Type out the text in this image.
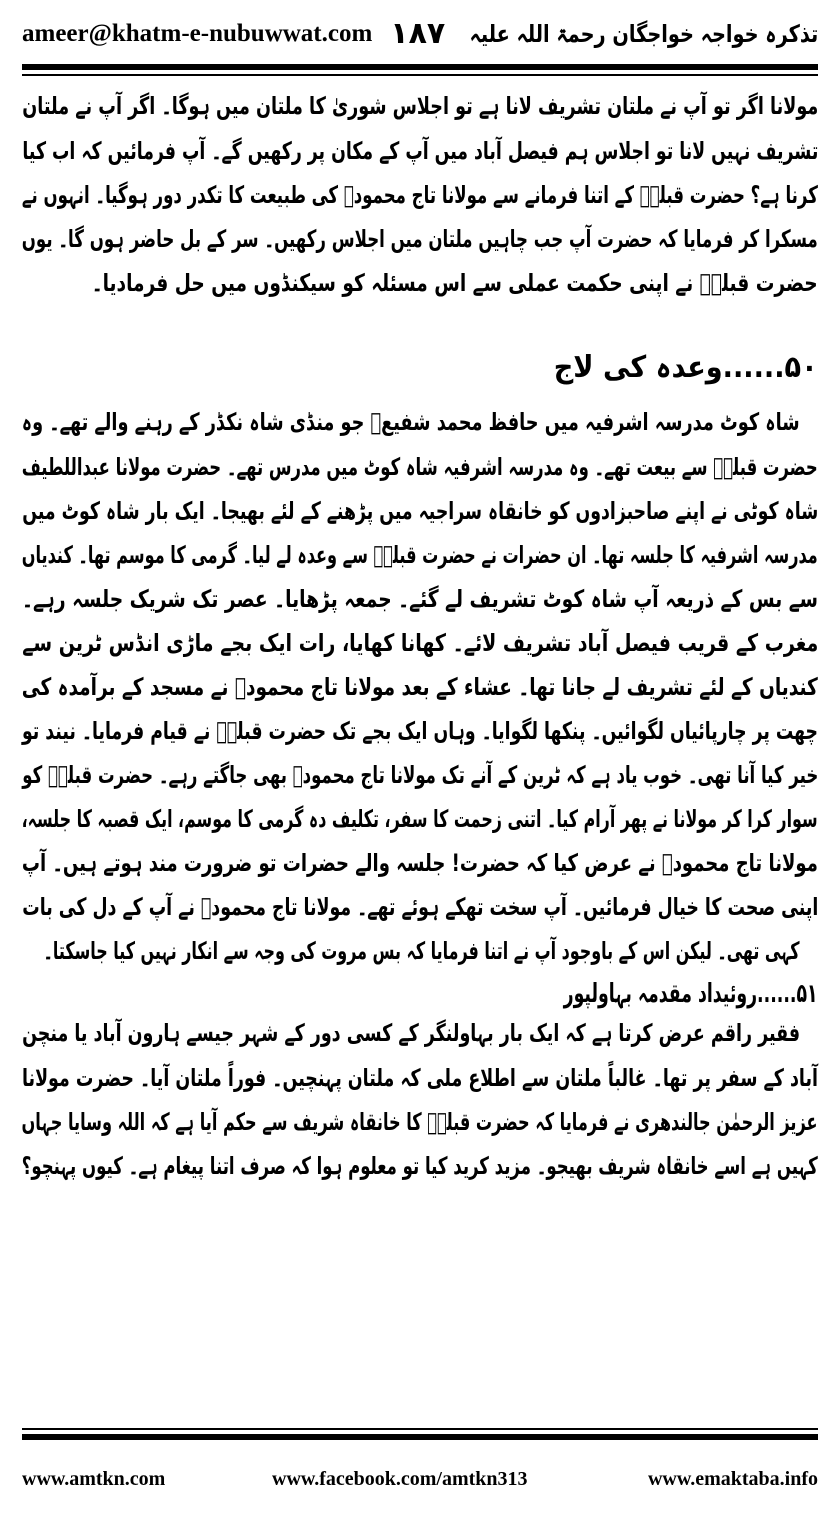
ameer@khatm-e-nubuwwat.com ۱۸۷ تذکرہ خواجہ خواجگان رحمۃ اللہ علیہ
مولانا اگر تو آپ نے ملتان تشریف لانا ہے تو اجلاس شوریٰ کا ملتان میں ہوگا۔ اگر آپ نے ملتان
تشریف نہیں لانا تو اجلاس ہم فیصل آباد میں آپ کے مکان پر رکھیں گے۔ آپ فرمائیں کہ اب کیا
کرنا ہے؟ حضرت قبلہؒ کے اتنا فرمانے سے مولانا تاج محمودؒ کی طبیعت کا تکدر دور ہوگیا۔ انہوں نے
مسکرا کر فرمایا کہ حضرت آپ جب چاہیں ملتان میں اجلاس رکھیں۔ سر کے بل حاضر ہوں گا۔ یوں
حضرت قبلہؒ نے اپنی حکمت عملی سے اس مسئلہ کو سیکنڈوں میں حل فرمادیا۔
۵۰......وعدہ کی لاج
شاہ کوٹ مدرسہ اشرفیہ میں حافظ محمد شفیعؒ جو منڈی شاہ نکڈر کے رہنے والے تھے۔ وہ
حضرت قبلہؒ سے بیعت تھے۔ وہ مدرسہ اشرفیہ شاہ کوٹ میں مدرس تھے۔ حضرت مولانا عبداللطیف
شاہ کوٹی نے اپنے صاحبزادوں کو خانقاہ سراجیہ میں پڑھنے کے لئے بھیجا۔ ایک بار شاہ کوٹ میں
مدرسہ اشرفیہ کا جلسہ تھا۔ ان حضرات نے حضرت قبلہؒ سے وعدہ لے لیا۔ گرمی کا موسم تھا۔ کندیاں
سے بس کے ذریعہ آپ شاہ کوٹ تشریف لے گئے۔ جمعہ پڑھایا۔ عصر تک شریک جلسہ رہے۔
مغرب کے قریب فیصل آباد تشریف لائے۔ کھانا کھایا، رات ایک بجے ماڑی انڈس ٹرین سے
کندیاں کے لئے تشریف لے جانا تھا۔ عشاء کے بعد مولانا تاج محمودؒ نے مسجد کے برآمدہ کی
چھت پر چارپائیاں لگوائیں۔ پنکھا لگوایا۔ وہاں ایک بجے تک حضرت قبلہؒ نے قیام فرمایا۔ نیند تو
خیر کیا آنا تھی۔ خوب یاد ہے کہ ٹرین کے آنے تک مولانا تاج محمودؒ بھی جاگتے رہے۔ حضرت قبلہؒ کو
سوار کرا کر مولانا نے پھر آرام کیا۔ اتنی زحمت کا سفر، تکلیف دہ گرمی کا موسم، ایک قصبہ کا جلسہ،
مولانا تاج محمودؒ نے عرض کیا کہ حضرت! جلسہ والے حضرات تو ضرورت مند ہوتے ہیں۔ آپ
اپنی صحت کا خیال فرمائیں۔ آپ سخت تھکے ہوئے تھے۔ مولانا تاج محمودؒ نے آپ کے دل کی بات
کہی تھی۔ لیکن اس کے باوجود آپ نے اتنا فرمایا کہ بس مروت کی وجہ سے انکار نہیں کیا جاسکتا۔
۵۱......روئیداد مقدمہ بہاولپور
فقیر راقم عرض کرتا ہے کہ ایک بار بہاولنگر کے کسی دور کے شہر جیسے ہارون آباد یا منچن
آباد کے سفر پر تھا۔ غالباً ملتان سے اطلاع ملی کہ ملتان پہنچیں۔ فوراً ملتان آیا۔ حضرت مولانا
عزیز الرحمٰن جالندھری نے فرمایا کہ حضرت قبلہؒ کا خانقاہ شریف سے حکم آیا ہے کہ اللہ وسایا جہاں
کہیں ہے اسے خانقاہ شریف بھیجو۔ مزید کرید کیا تو معلوم ہوا کہ صرف اتنا پیغام ہے۔ کیوں پہنچو؟
www.amtkn.com	www.facebook.com/amtkn313	www.emaktaba.info
